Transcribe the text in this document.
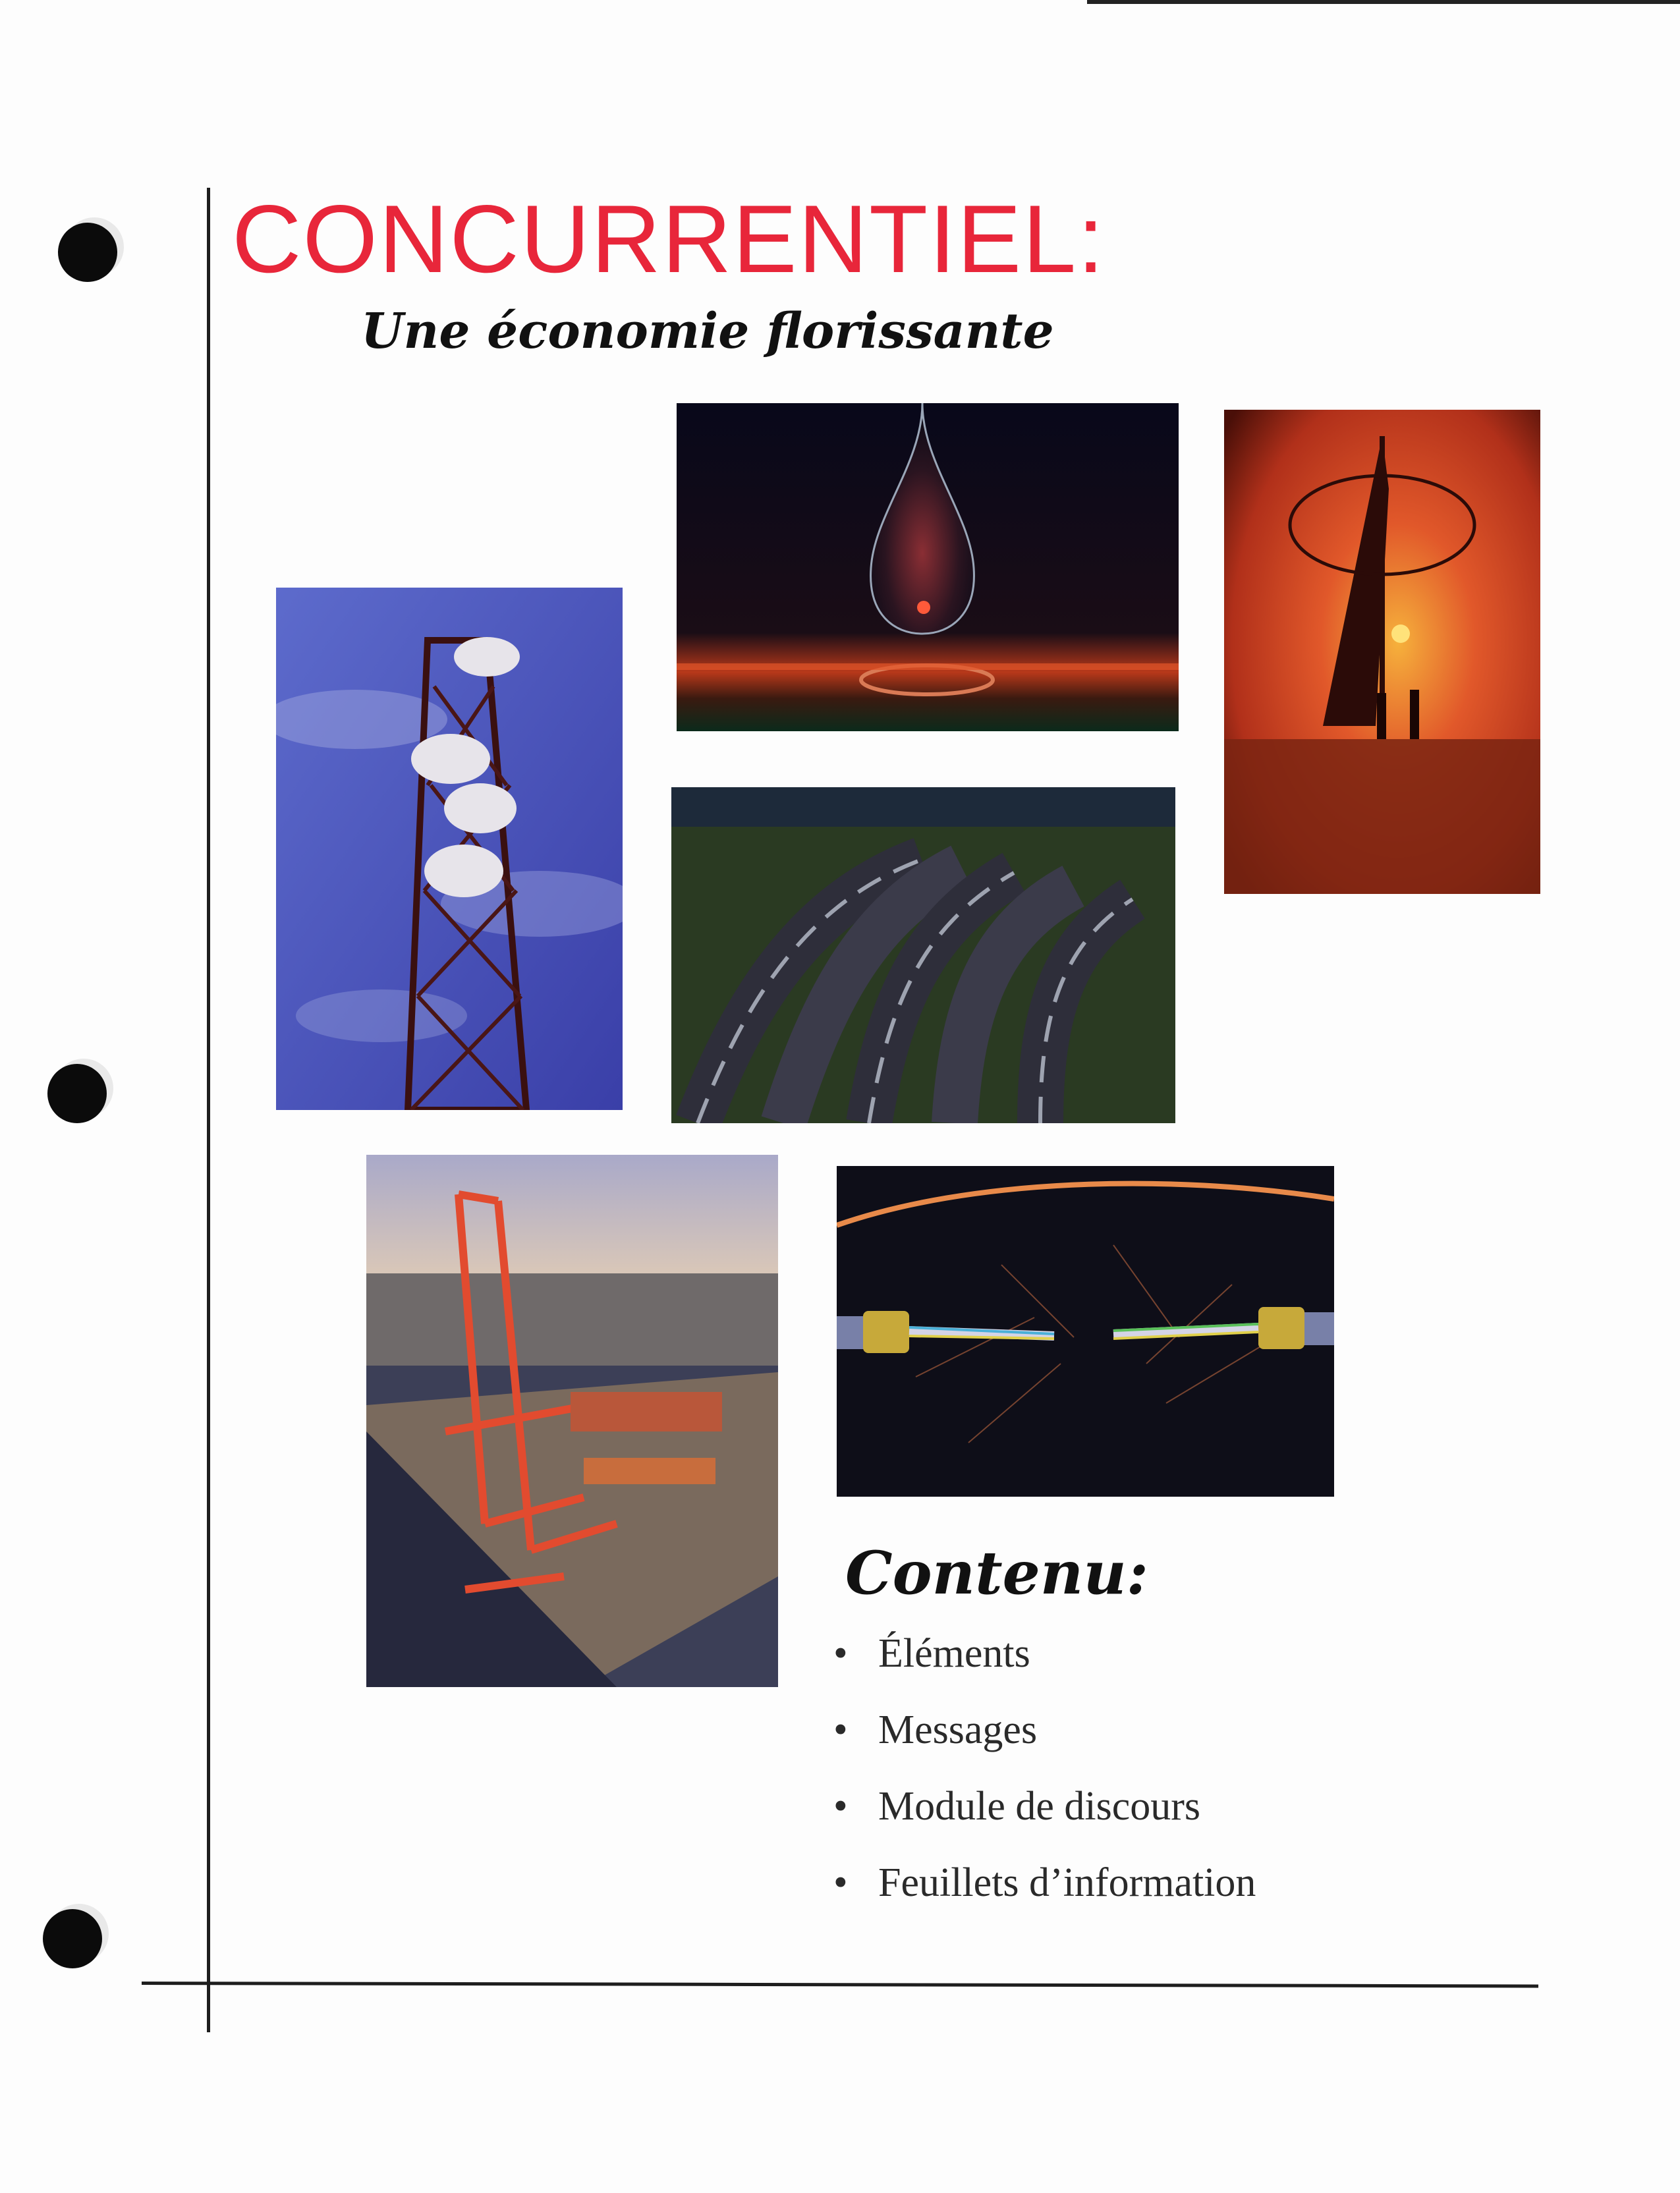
CONCURRENTIEL:
Une économie florissante
Contenu:
• Éléments
• Messages
• Module de discours
• Feuillets d’information
